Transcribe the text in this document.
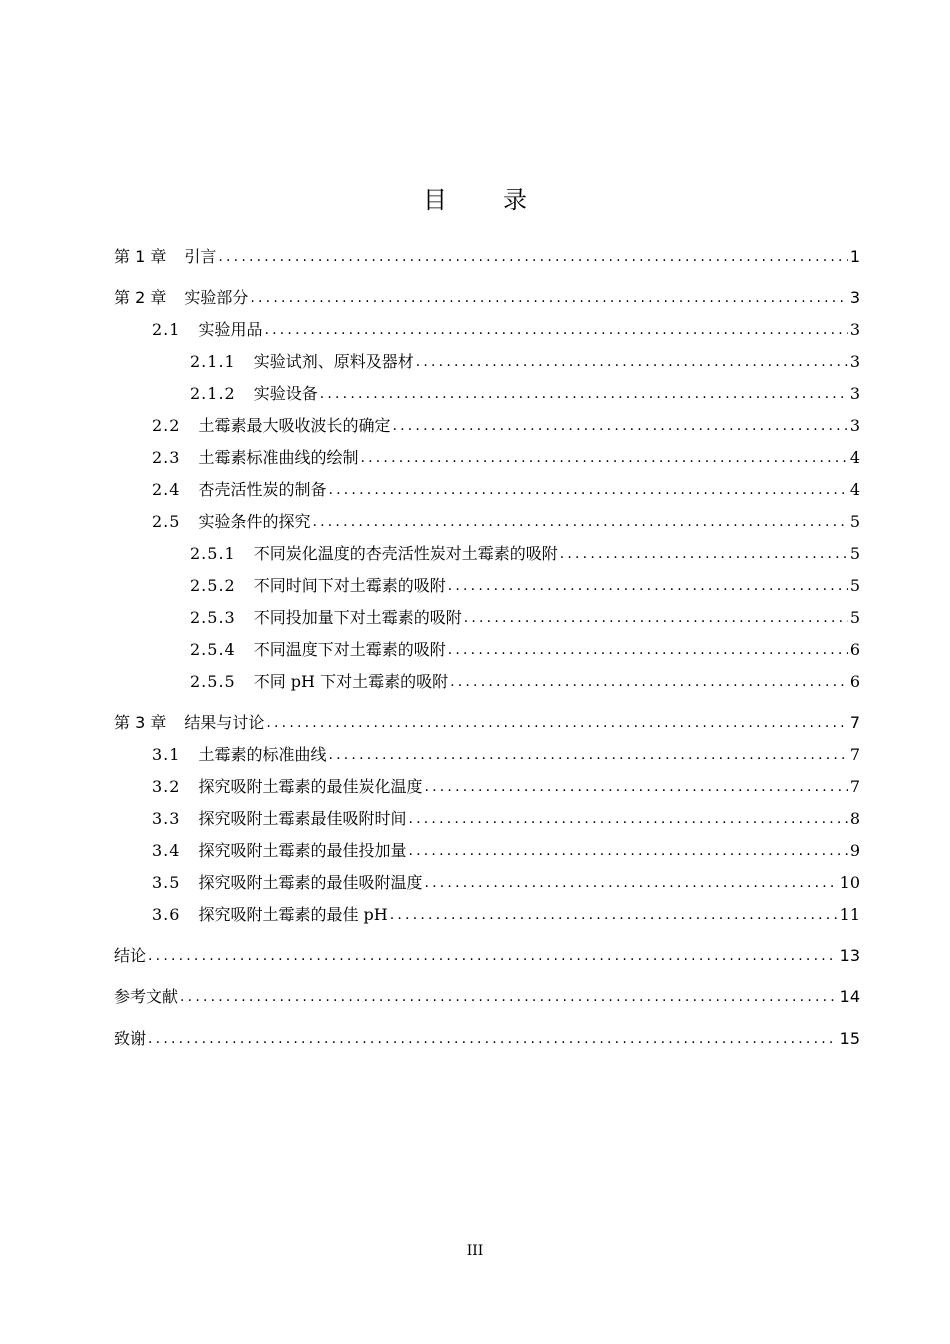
目 录
第 1 章 引言 .....	1
第 2 章 实验部分 .....	3
2.1 实验用品 .....	3
2.1.1 实验试剂、原料及器材 .....	3
2.1.2 实验设备 .....	3
2.2 土霉素最大吸收波长的确定 .....	3
2.3 土霉素标准曲线的绘制 .....	4
2.4 杏壳活性炭的制备 .....	4
2.5 实验条件的探究 .....	5
2.5.1 不同炭化温度的杏壳活性炭对土霉素的吸附 .....	5
2.5.2 不同时间下对土霉素的吸附 .....	5
2.5.3 不同投加量下对土霉素的吸附 .....	5
2.5.4 不同温度下对土霉素的吸附 .....	6
2.5.5 不同 pH 下对土霉素的吸附 .....	6
第 3 章 结果与讨论 .....	7
3.1 土霉素的标准曲线 .....	7
3.2 探究吸附土霉素的最佳炭化温度 .....	7
3.3 探究吸附土霉素最佳吸附时间 .....	8
3.4 探究吸附土霉素的最佳投加量 .....	9
3.5 探究吸附土霉素的最佳吸附温度 .....	10
3.6 探究吸附土霉素的最佳 pH .....	11
结论 .....	13
参考文献 .....	14
致谢 .....	15
III
